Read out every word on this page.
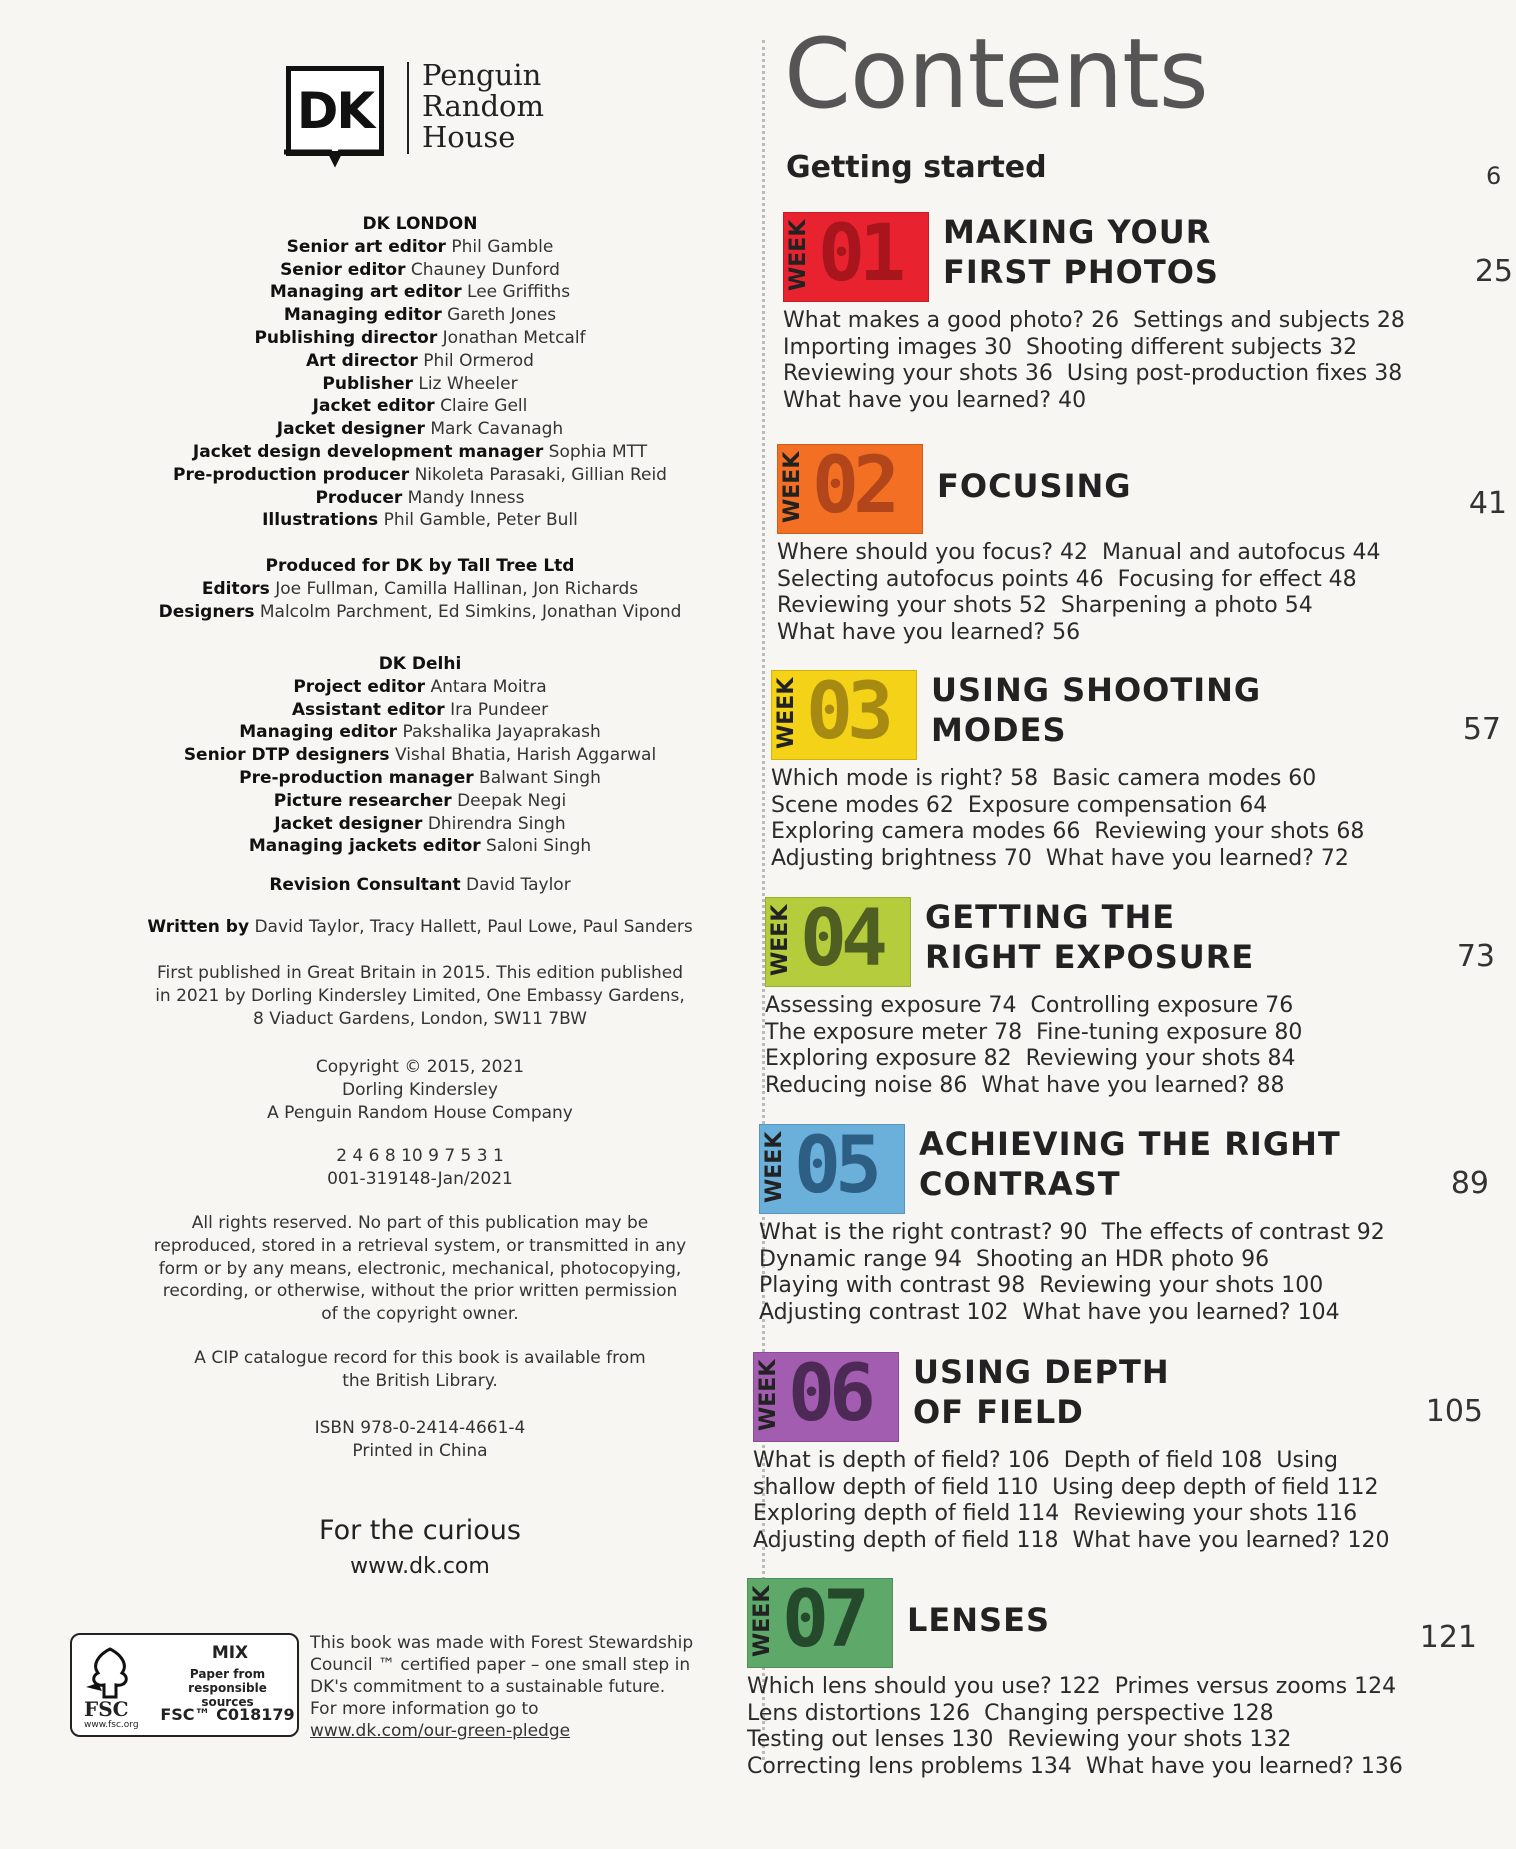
DK
Penguin
Random
House
DK LONDON
Senior art editor Phil Gamble
Senior editor Chauney Dunford
Managing art editor Lee Griffiths
Managing editor Gareth Jones
Publishing director Jonathan Metcalf
Art director Phil Ormerod
Publisher Liz Wheeler
Jacket editor Claire Gell
Jacket designer Mark Cavanagh
Jacket design development manager Sophia MTT
Pre-production producer Nikoleta Parasaki, Gillian Reid
Producer Mandy Inness
Illustrations Phil Gamble, Peter Bull
Produced for DK by Tall Tree Ltd
Editors Joe Fullman, Camilla Hallinan, Jon Richards
Designers Malcolm Parchment, Ed Simkins, Jonathan Vipond
DK Delhi
Project editor Antara Moitra
Assistant editor Ira Pundeer
Managing editor Pakshalika Jayaprakash
Senior DTP designers Vishal Bhatia, Harish Aggarwal
Pre-production manager Balwant Singh
Picture researcher Deepak Negi
Jacket designer Dhirendra Singh
Managing jackets editor Saloni Singh
Revision Consultant David Taylor
Written by David Taylor, Tracy Hallett, Paul Lowe, Paul Sanders
First published in Great Britain in 2015. This edition published
in 2021 by Dorling Kindersley Limited, One Embassy Gardens,
8 Viaduct Gardens, London, SW11 7BW
Copyright © 2015, 2021
Dorling Kindersley
A Penguin Random House Company
2 4 6 8 10 9 7 5 3 1
001-319148-Jan/2021
All rights reserved. No part of this publication may be
reproduced, stored in a retrieval system, or transmitted in any
form or by any means, electronic, mechanical, photocopying,
recording, or otherwise, without the prior written permission
of the copyright owner.
A CIP catalogue record for this book is available from
the British Library.
ISBN 978-0-2414-4661-4
Printed in China
For the curious
www.dk.com
FSC
www.fsc.org
MIX
Paper from responsible sources
FSC™ C018179
This book was made with Forest Stewardship
Council ™ certified paper – one small step in
DK's commitment to a sustainable future.
For more information go to
www.dk.com/our-green-pledge
Contents
Getting started	6
WEEK 01 MAKING YOUR
FIRST PHOTOS	25
What makes a good photo? 26 Settings and subjects 28
Importing images 30 Shooting different subjects 32
Reviewing your shots 36 Using post-production fixes 38
What have you learned? 40
WEEK 02 FOCUSING	41
Where should you focus? 42 Manual and autofocus 44
Selecting autofocus points 46 Focusing for effect 48
Reviewing your shots 52 Sharpening a photo 54
What have you learned? 56
WEEK 03 USING SHOOTING
MODES	57
Which mode is right? 58 Basic camera modes 60
Scene modes 62 Exposure compensation 64
Exploring camera modes 66 Reviewing your shots 68
Adjusting brightness 70 What have you learned? 72
WEEK 04 GETTING THE
RIGHT EXPOSURE	73
Assessing exposure 74 Controlling exposure 76
The exposure meter 78 Fine-tuning exposure 80
Exploring exposure 82 Reviewing your shots 84
Reducing noise 86 What have you learned? 88
WEEK 05 ACHIEVING THE RIGHT
CONTRAST	89
What is the right contrast? 90 The effects of contrast 92
Dynamic range 94 Shooting an HDR photo 96
Playing with contrast 98 Reviewing your shots 100
Adjusting contrast 102 What have you learned? 104
WEEK 06 USING DEPTH
OF FIELD	105
What is depth of field? 106 Depth of field 108 Using
shallow depth of field 110 Using deep depth of field 112
Exploring depth of field 114 Reviewing your shots 116
Adjusting depth of field 118 What have you learned? 120
WEEK 07 LENSES	121
Which lens should you use? 122 Primes versus zooms 124
Lens distortions 126 Changing perspective 128
Testing out lenses 130 Reviewing your shots 132
Correcting lens problems 134 What have you learned? 136
